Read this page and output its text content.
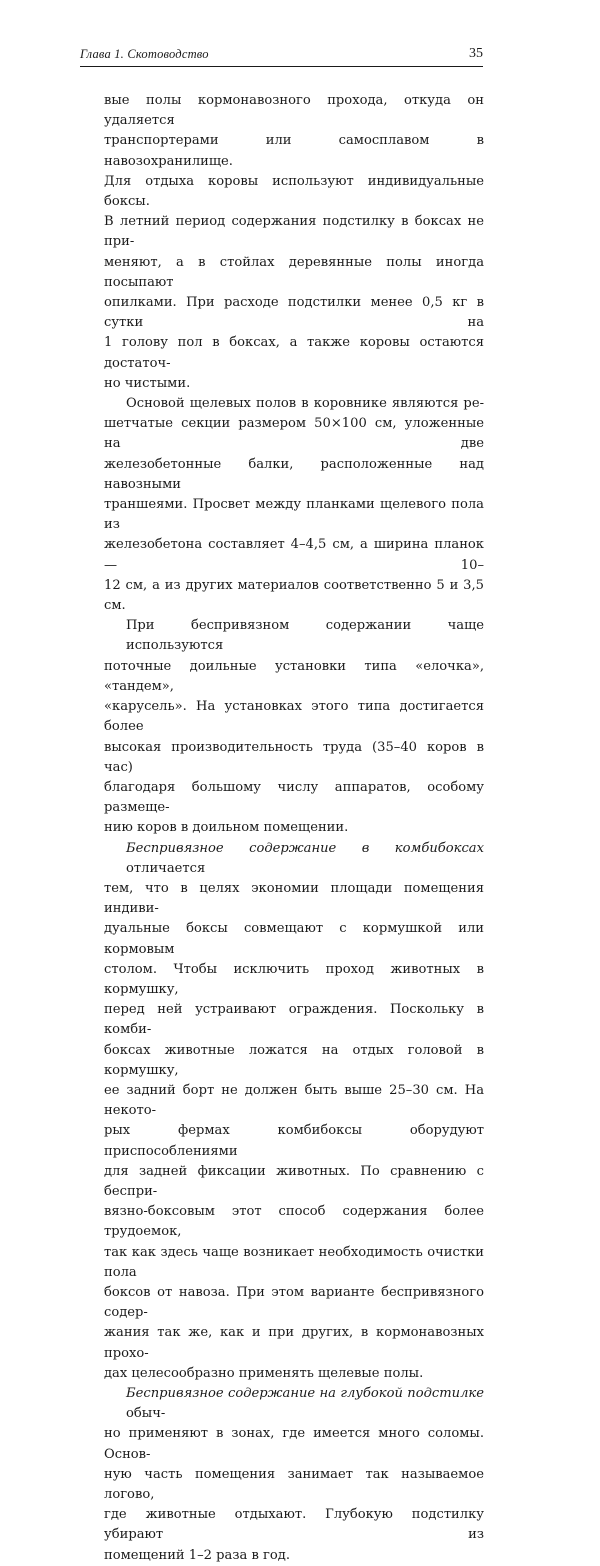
Глава 1. Скотоводство	35
вые полы кормонавозного прохода, откуда он удаляется
транспортерами или самосплавом в навозохранилище.
Для отдыха коровы используют индивидуальные боксы.
В летний период содержания подстилку в боксах не при-
меняют, а в стойлах деревянные полы иногда посыпают
опилками. При расходе подстилки менее 0,5 кг в сутки на
1 голову пол в боксах, а также коровы остаются достаточ-
но чистыми.
Основой щелевых полов в коровнике являются ре-
шетчатые секции размером 50×100 см, уложенные на две
железобетонные балки, расположенные над навозными
траншеями. Просвет между планками щелевого пола из
железобетона составляет 4–4,5 см, а ширина планок — 10–
12 см, а из других материалов соответственно 5 и 3,5 см.
При беспривязном содержании чаще используются
поточные доильные установки типа «елочка», «тандем»,
«карусель». На установках этого типа достигается более
высокая производительность труда (35–40 коров в час)
благодаря большому числу аппаратов, особому размеще-
нию коров в доильном помещении.
Беспривязное содержание в комбибоксах отличается
тем, что в целях экономии площади помещения индиви-
дуальные боксы совмещают с кормушкой или кормовым
столом. Чтобы исключить проход животных в кормушку,
перед ней устраивают ограждения. Поскольку в комби-
боксах животные ложатся на отдых головой в кормушку,
ее задний борт не должен быть выше 25–30 см. На некото-
рых фермах комбибоксы оборудуют приспособлениями
для задней фиксации животных. По сравнению с беспри-
вязно-боксовым этот способ содержания более трудоемок,
так как здесь чаще возникает необходимость очистки пола
боксов от навоза. При этом варианте беспривязного содер-
жания так же, как и при других, в кормонавозных прохо-
дах целесообразно применять щелевые полы.
Беспривязное содержание на глубокой подстилке обыч-
но применяют в зонах, где имеется много соломы. Основ-
ную часть помещения занимает так называемое логово,
где животные отдыхают. Глубокую подстилку убирают из
помещений 1–2 раза в год.
